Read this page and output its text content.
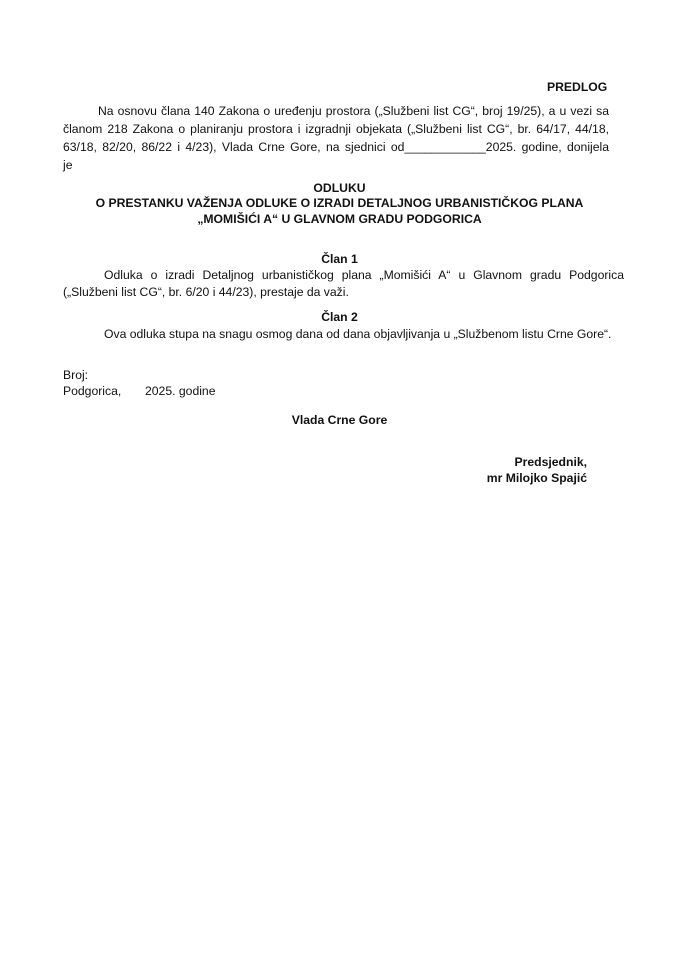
PREDLOG
Na osnovu člana 140 Zakona o uređenju prostora („Službeni list CG“, broj 19/25), a u vezi sa
članom 218 Zakona o planiranju prostora i izgradnji objekata („Službeni list CG“, br. 64/17, 44/18,
63/18, 82/20, 86/22 i 4/23), Vlada Crne Gore, na sjednici od____________2025. godine, donijela
je
ODLUKU
O PRESTANKU VAŽENJA ODLUKE O IZRADI DETALJNOG URBANISTIČKOG PLANA
„MOMIŠIĆI A“ U GLAVNOM GRADU PODGORICA
Član 1
Odluka o izradi Detaljnog urbanističkog plana „Momišići A“ u Glavnom gradu Podgorica
(„Službeni list CG“, br. 6/20 i 44/23), prestaje da važi.
Član 2
Ova odluka stupa na snagu osmog dana od dana objavljivanja u „Službenom listu Crne Gore“.
Broj:
Podgorica, 2025. godine
Vlada Crne Gore
Predsjednik,
mr Milojko Spajić
